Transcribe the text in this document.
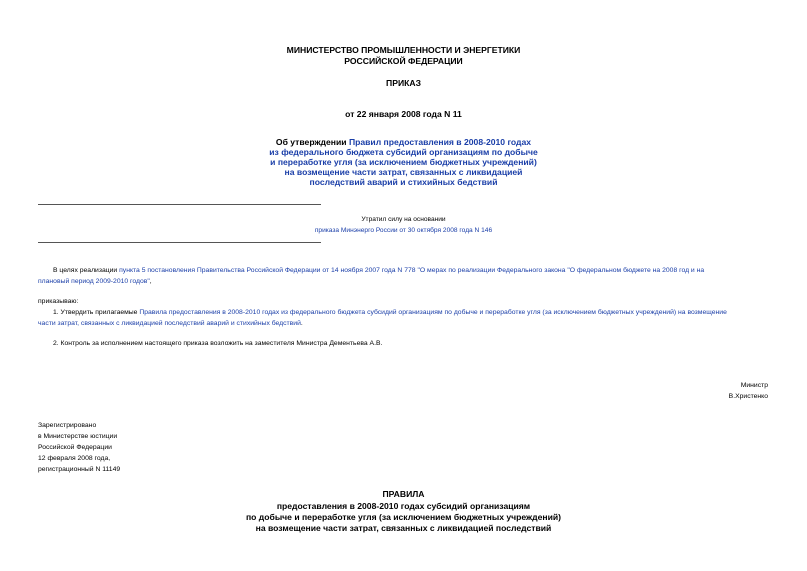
МИНИСТЕРСТВО ПРОМЫШЛЕННОСТИ И ЭНЕРГЕТИКИ
РОССИЙСКОЙ ФЕДЕРАЦИИ
ПРИКАЗ
от 22 января 2008 года N 11
Об утверждении Правил предоставления в 2008-2010 годах
из федерального бюджета субсидий организациям по добыче
и переработке угля (за исключением бюджетных учреждений)
на возмещение части затрат, связанных с ликвидацией
последствий аварий и стихийных бедствий
Утратил силу на основании
приказа Минэнерго России от 30 октября 2008 года N 146
В целях реализации пункта 5 постановления Правительства Российской Федерации от 14 ноября 2007 года N 778 "О мерах по реализации Федерального закона "О федеральном бюджете на 2008 год и на
плановый период 2009-2010 годов",
приказываю:
1. Утвердить прилагаемые Правила предоставления в 2008-2010 годах из федерального бюджета субсидий организациям по добыче и переработке угля (за исключением бюджетных учреждений) на возмещение
части затрат, связанных с ликвидацией последствий аварий и стихийных бедствий.
2. Контроль за исполнением настоящего приказа возложить на заместителя Министра Дементьева А.В.
Министр
В.Христенко
Зарегистрировано
в Министерстве юстиции
Российской Федерации
12 февраля 2008 года,
регистрационный N 11149
ПРАВИЛА
предоставления в 2008-2010 годах субсидий организациям
по добыче и переработке угля (за исключением бюджетных учреждений)
на возмещение части затрат, связанных с ликвидацией последствий
